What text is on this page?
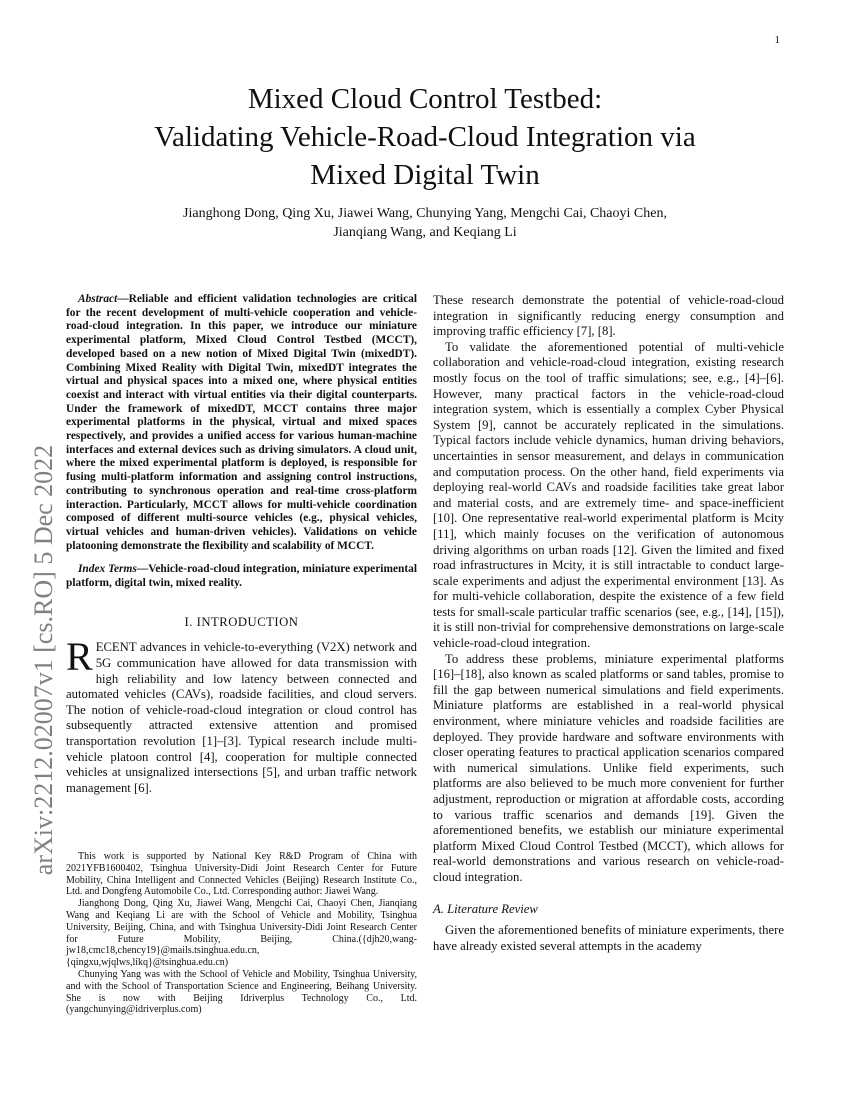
1
arXiv:2212.02007v1 [cs.RO] 5 Dec 2022
Mixed Cloud Control Testbed:
Validating Vehicle-Road-Cloud Integration via
Mixed Digital Twin
Jianghong Dong, Qing Xu, Jiawei Wang, Chunying Yang, Mengchi Cai, Chaoyi Chen,
Jianqiang Wang, and Keqiang Li

Abstract—Reliable and efficient validation technologies are critical for the recent development of multi-vehicle cooperation and vehicle-road-cloud integration. In this paper, we introduce our miniature experimental platform, Mixed Cloud Control Testbed (MCCT), developed based on a new notion of Mixed Digital Twin (mixedDT). Combining Mixed Reality with Digital Twin, mixedDT integrates the virtual and physical spaces into a mixed one, where physical entities coexist and interact with virtual entities via their digital counterparts. Under the framework of mixedDT, MCCT contains three major experimental platforms in the physical, virtual and mixed spaces respectively, and provides a unified access for various human-machine interfaces and external devices such as driving simulators. A cloud unit, where the mixed experimental platform is deployed, is responsible for fusing multi-platform information and assigning control instructions, contributing to synchronous operation and real-time cross-platform interaction. Particularly, MCCT allows for multi-vehicle coordination composed of different multi-source vehicles (e.g., physical vehicles, virtual vehicles and human-driven vehicles). Validations on vehicle platooning demonstrate the flexibility and scalability of MCCT.

Index Terms—Vehicle-road-cloud integration, miniature experimental platform, digital twin, mixed reality.

I. INTRODUCTION

RECENT advances in vehicle-to-everything (V2X) network and 5G communication have allowed for data transmission with high reliability and low latency between connected and automated vehicles (CAVs), roadside facilities, and cloud servers. The notion of vehicle-road-cloud integration or cloud control has subsequently attracted extensive attention and promised transportation revolution [1]–[3]. Typical research include multi-vehicle platoon control [4], cooperation for multiple connected vehicles at unsignalized intersections [5], and urban traffic network management [6].

This work is supported by National Key R&D Program of China with 2021YFB1600402, Tsinghua University-Didi Joint Research Center for Future Mobility, China Intelligent and Connected Vehicles (Beijing) Research Institute Co., Ltd. and Dongfeng Automobile Co., Ltd. Corresponding author: Jiawei Wang.

Jianghong Dong, Qing Xu, Jiawei Wang, Mengchi Cai, Chaoyi Chen, Jianqiang Wang and Keqiang Li are with the School of Vehicle and Mobility, Tsinghua University, Beijing, China, and with Tsinghua University-Didi Joint Research Center for Future Mobility, Beijing, China.({djh20,wang-jw18,cmc18,chency19}@mails.tsinghua.edu.cn, {qingxu,wjqlws,likq}@tsinghua.edu.cn)

Chunying Yang was with the School of Vehicle and Mobility, Tsinghua University, and with the School of Transportation Science and Engineering, Beihang University. She is now with Beijing Idriverplus Technology Co., Ltd. (yangchunying@idriverplus.com)

These research demonstrate the potential of vehicle-road-cloud integration in significantly reducing energy consumption and improving traffic efficiency [7], [8].

To validate the aforementioned potential of multi-vehicle collaboration and vehicle-road-cloud integration, existing research mostly focus on the tool of traffic simulations; see, e.g., [4]–[6]. However, many practical factors in the vehicle-road-cloud integration system, which is essentially a complex Cyber Physical System [9], cannot be accurately replicated in the simulations. Typical factors include vehicle dynamics, human driving behaviors, uncertainties in sensor measurement, and delays in communication and computation process. On the other hand, field experiments via deploying real-world CAVs and roadside facilities take great labor and material costs, and are extremely time- and space-inefficient [10]. One representative real-world experimental platform is Mcity [11], which mainly focuses on the verification of autonomous driving algorithms on urban roads [12]. Given the limited and fixed road infrastructures in Mcity, it is still intractable to conduct large-scale experiments and adjust the experimental environment [13]. As for multi-vehicle collaboration, despite the existence of a few field tests for small-scale particular traffic scenarios (see, e.g., [14], [15]), it is still non-trivial for comprehensive demonstrations on large-scale vehicle-road-cloud integration.

To address these problems, miniature experimental platforms [16]–[18], also known as scaled platforms or sand tables, promise to fill the gap between numerical simulations and field experiments. Miniature platforms are established in a real-world physical environment, where miniature vehicles and roadside facilities are deployed. They provide hardware and software environments with closer operating features to practical application scenarios compared with numerical simulations. Unlike field experiments, such platforms are also believed to be much more convenient for further adjustment, reproduction or migration at affordable costs, according to various traffic scenarios and demands [19]. Given the aforementioned benefits, we establish our miniature experimental platform Mixed Cloud Control Testbed (MCCT), which allows for real-world demonstrations and various research on vehicle-road-cloud integration.

A. Literature Review

Given the aforementioned benefits of miniature experiments, there have already existed several attempts in the academy
